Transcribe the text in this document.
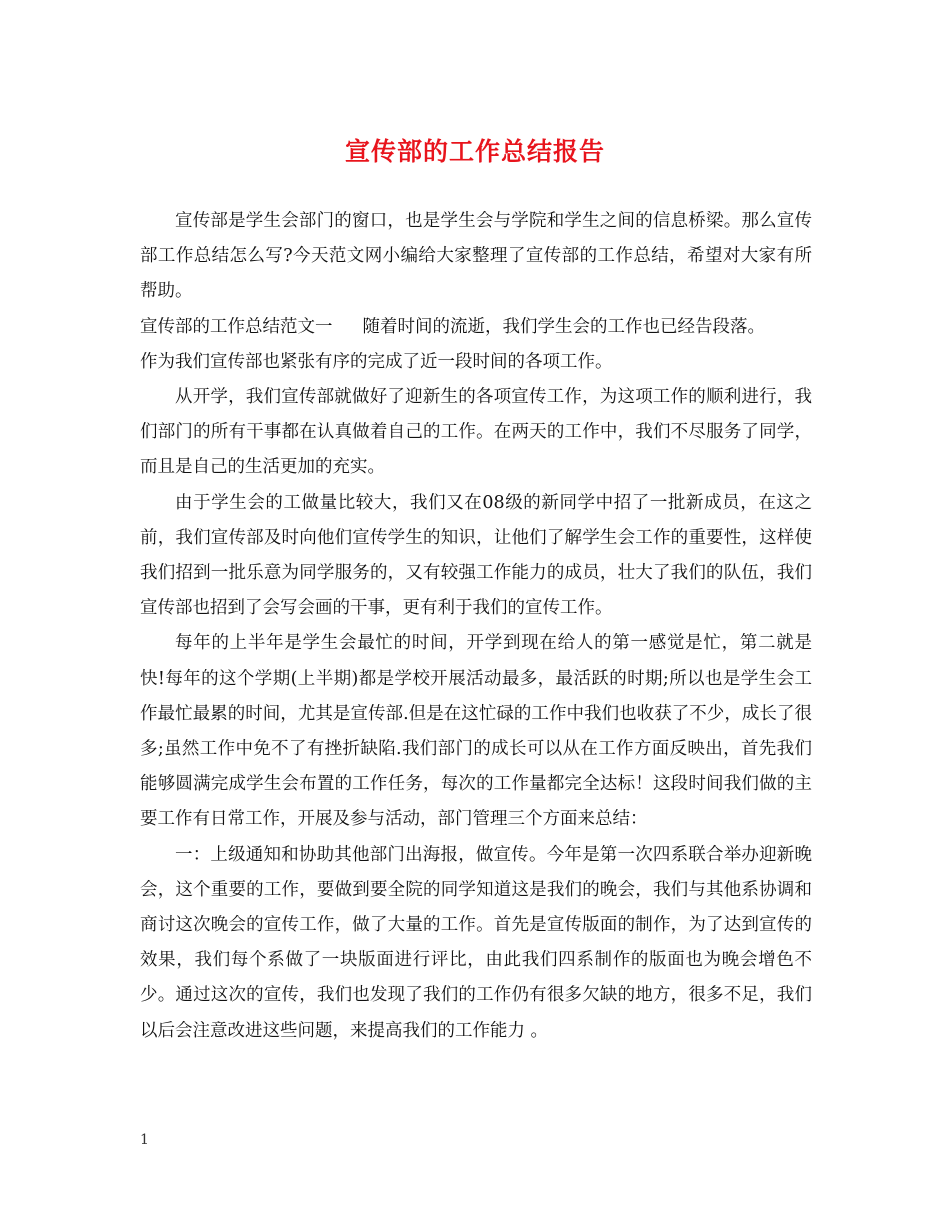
宣传部的工作总结报告

宣传部是学生会部门的窗口，也是学生会与学院和学生之间的信息桥梁。那么宣传部工作总结怎么写?今天范文网小编给大家整理了宣传部的工作总结，希望对大家有所帮助。

宣传部的工作总结范文一 随着时间的流逝，我们学生会的工作也已经告段落。

作为我们宣传部也紧张有序的完成了近一段时间的各项工作。

从开学，我们宣传部就做好了迎新生的各项宣传工作，为这项工作的顺利进行，我们部门的所有干事都在认真做着自己的工作。在两天的工作中，我们不尽服务了同学，而且是自己的生活更加的充实。

由于学生会的工做量比较大，我们又在08级的新同学中招了一批新成员，在这之前，我们宣传部及时向他们宣传学生的知识，让他们了解学生会工作的重要性，这样使我们招到一批乐意为同学服务的，又有较强工作能力的成员，壮大了我们的队伍，我们宣传部也招到了会写会画的干事，更有利于我们的宣传工作。

每年的上半年是学生会最忙的时间，开学到现在给人的第一感觉是忙，第二就是快!每年的这个学期(上半期)都是学校开展活动最多，最活跃的时期;所以也是学生会工作最忙最累的时间，尤其是宣传部.但是在这忙碌的工作中我们也收获了不少，成长了很多;虽然工作中免不了有挫折缺陷.我们部门的成长可以从在工作方面反映出，首先我们能够圆满完成学生会布置的工作任务，每次的工作量都完全达标！这段时间我们做的主要工作有日常工作，开展及参与活动，部门管理三个方面来总结：

一：上级通知和协助其他部门出海报，做宣传。今年是第一次四系联合举办迎新晚会，这个重要的工作，要做到要全院的同学知道这是我们的晚会，我们与其他系协调和商讨这次晚会的宣传工作，做了大量的工作。首先是宣传版面的制作，为了达到宣传的效果，我们每个系做了一块版面进行评比，由此我们四系制作的版面也为晚会增色不少。通过这次的宣传，我们也发现了我们的工作仍有很多欠缺的地方，很多不足，我们以后会注意改进这些问题，来提高我们的工作能力 。

1
